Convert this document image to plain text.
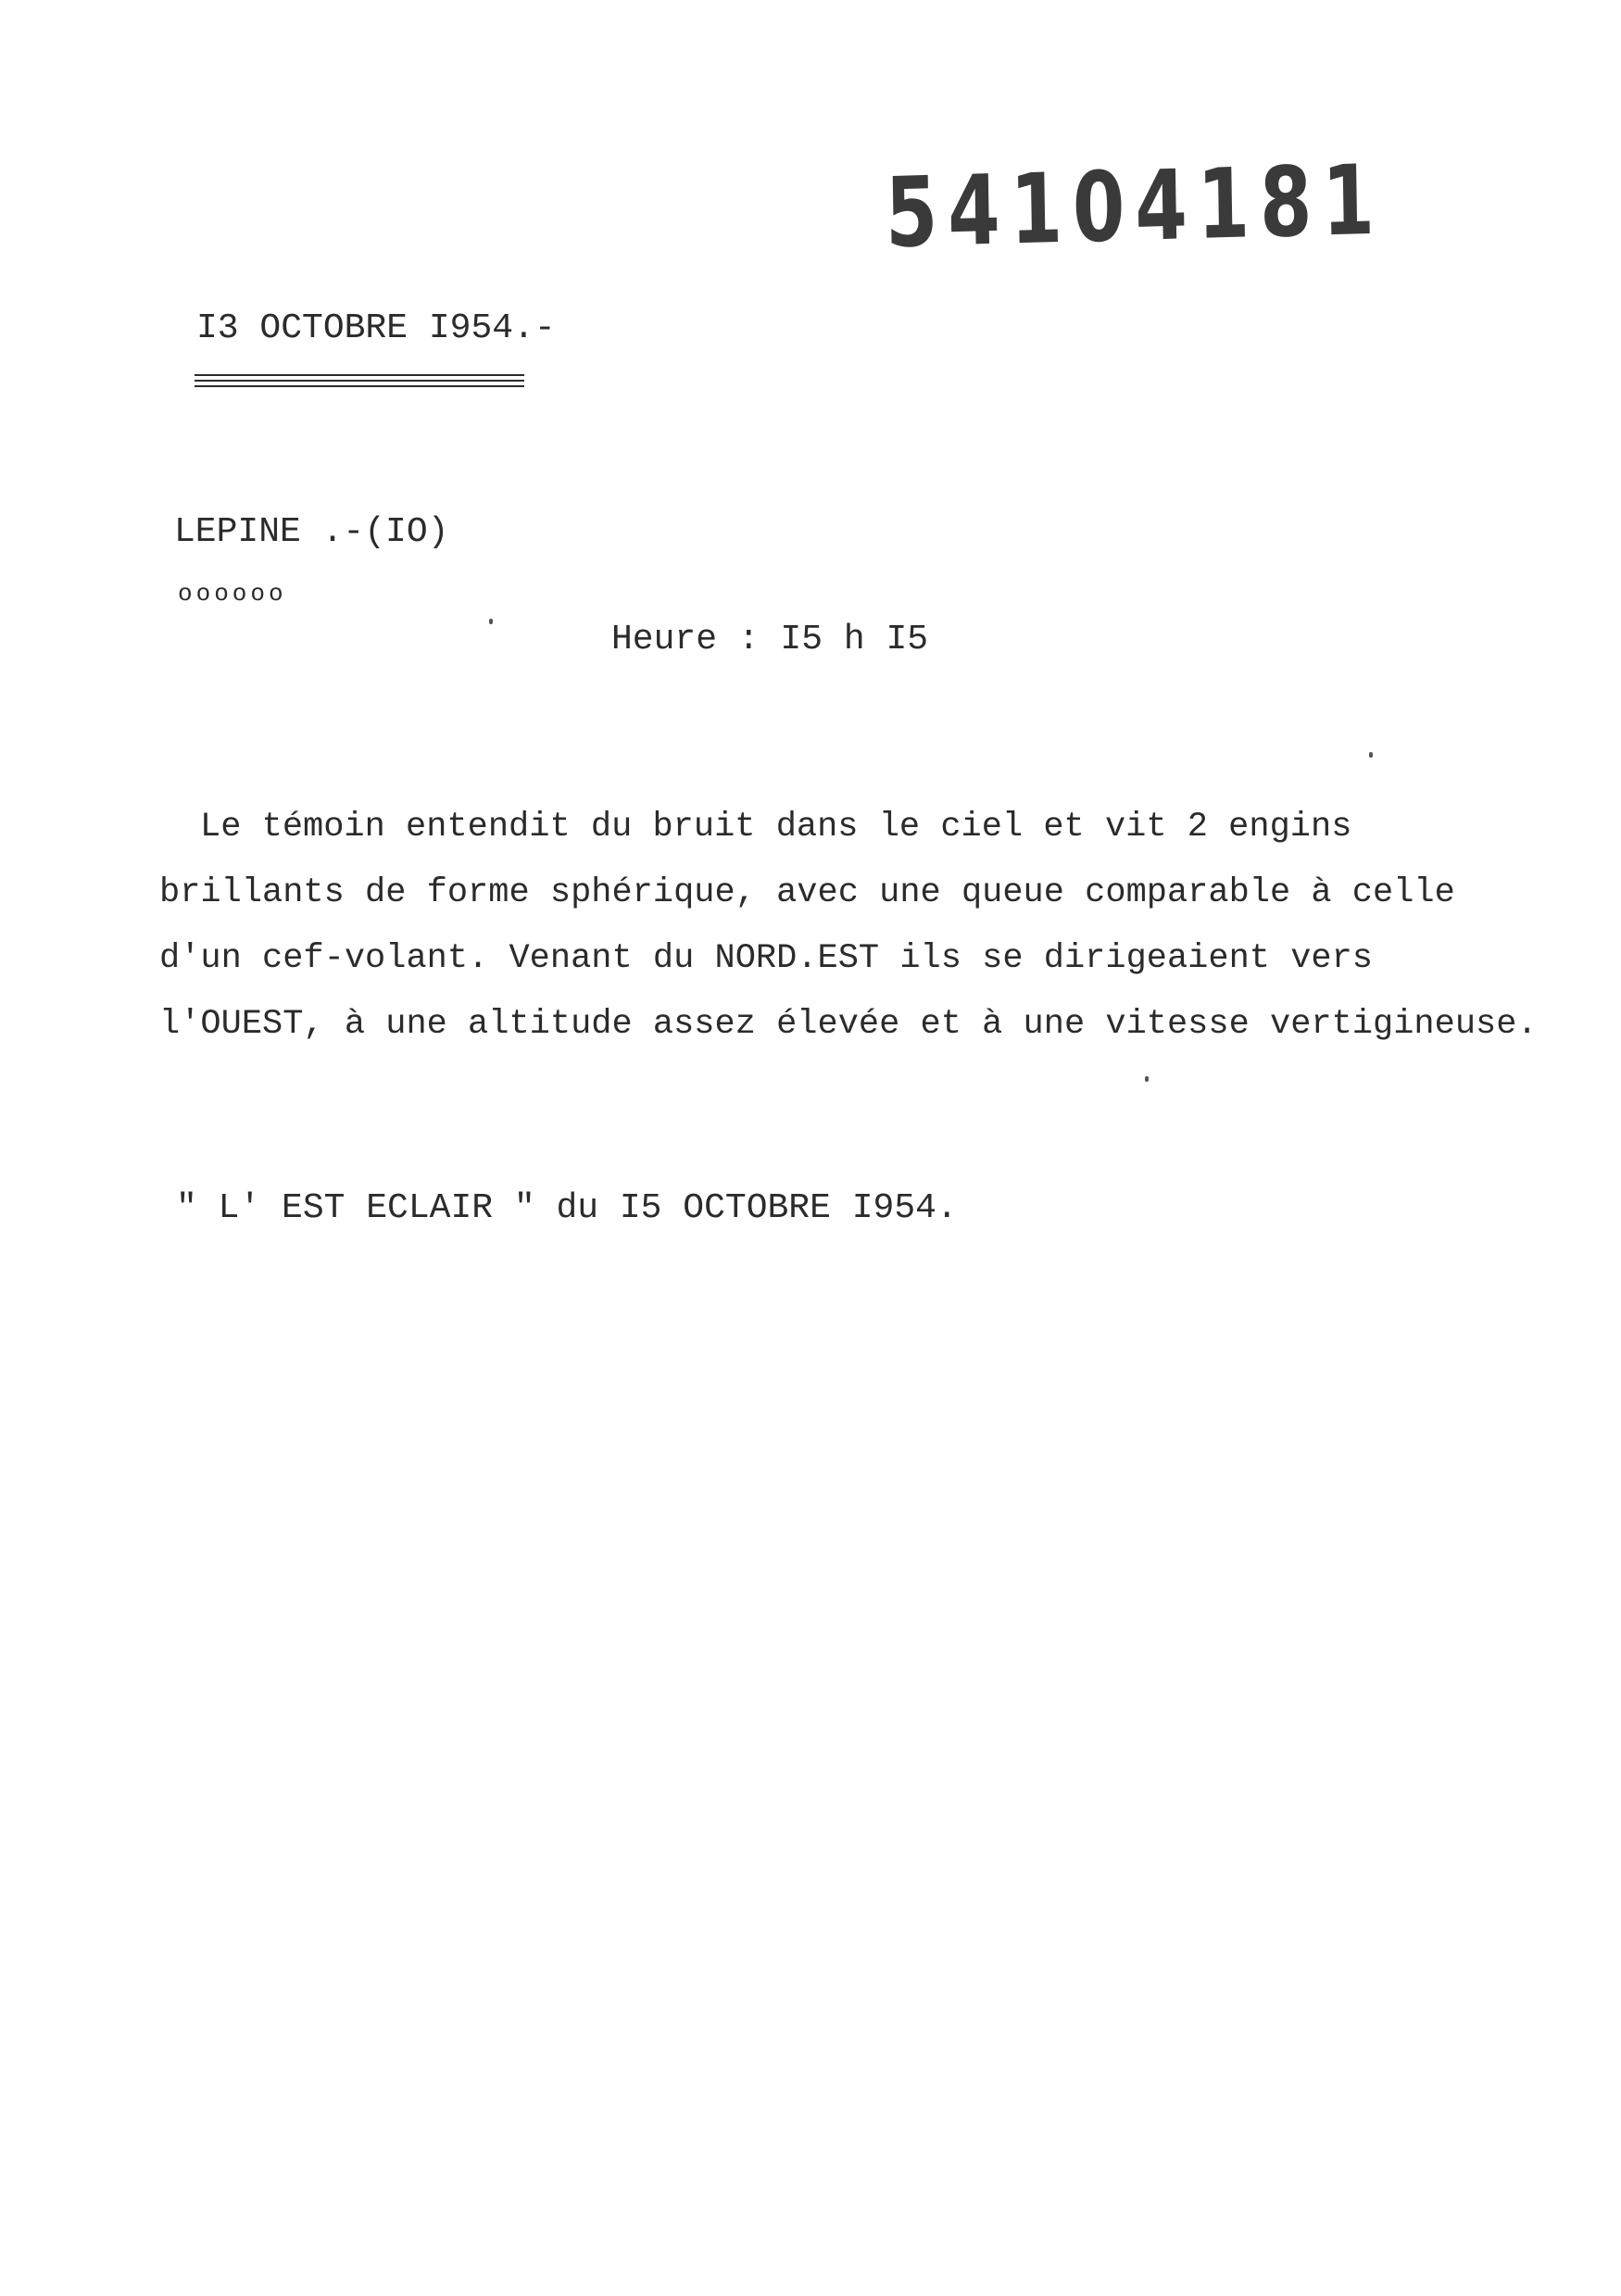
54104181
I3 OCTOBRE I954.-
LEPINE .-(IO)
oooooo
Heure : I5 h I5
Le témoin entendit du bruit dans le ciel et vit 2 engins
brillants de forme sphérique, avec une queue comparable à celle
d'un cef-volant. Venant du NORD.EST ils se dirigeaient vers
l'OUEST, à une altitude assez élevée et à une vitesse vertigineuse.
" L' EST ECLAIR " du I5 OCTOBRE I954.
